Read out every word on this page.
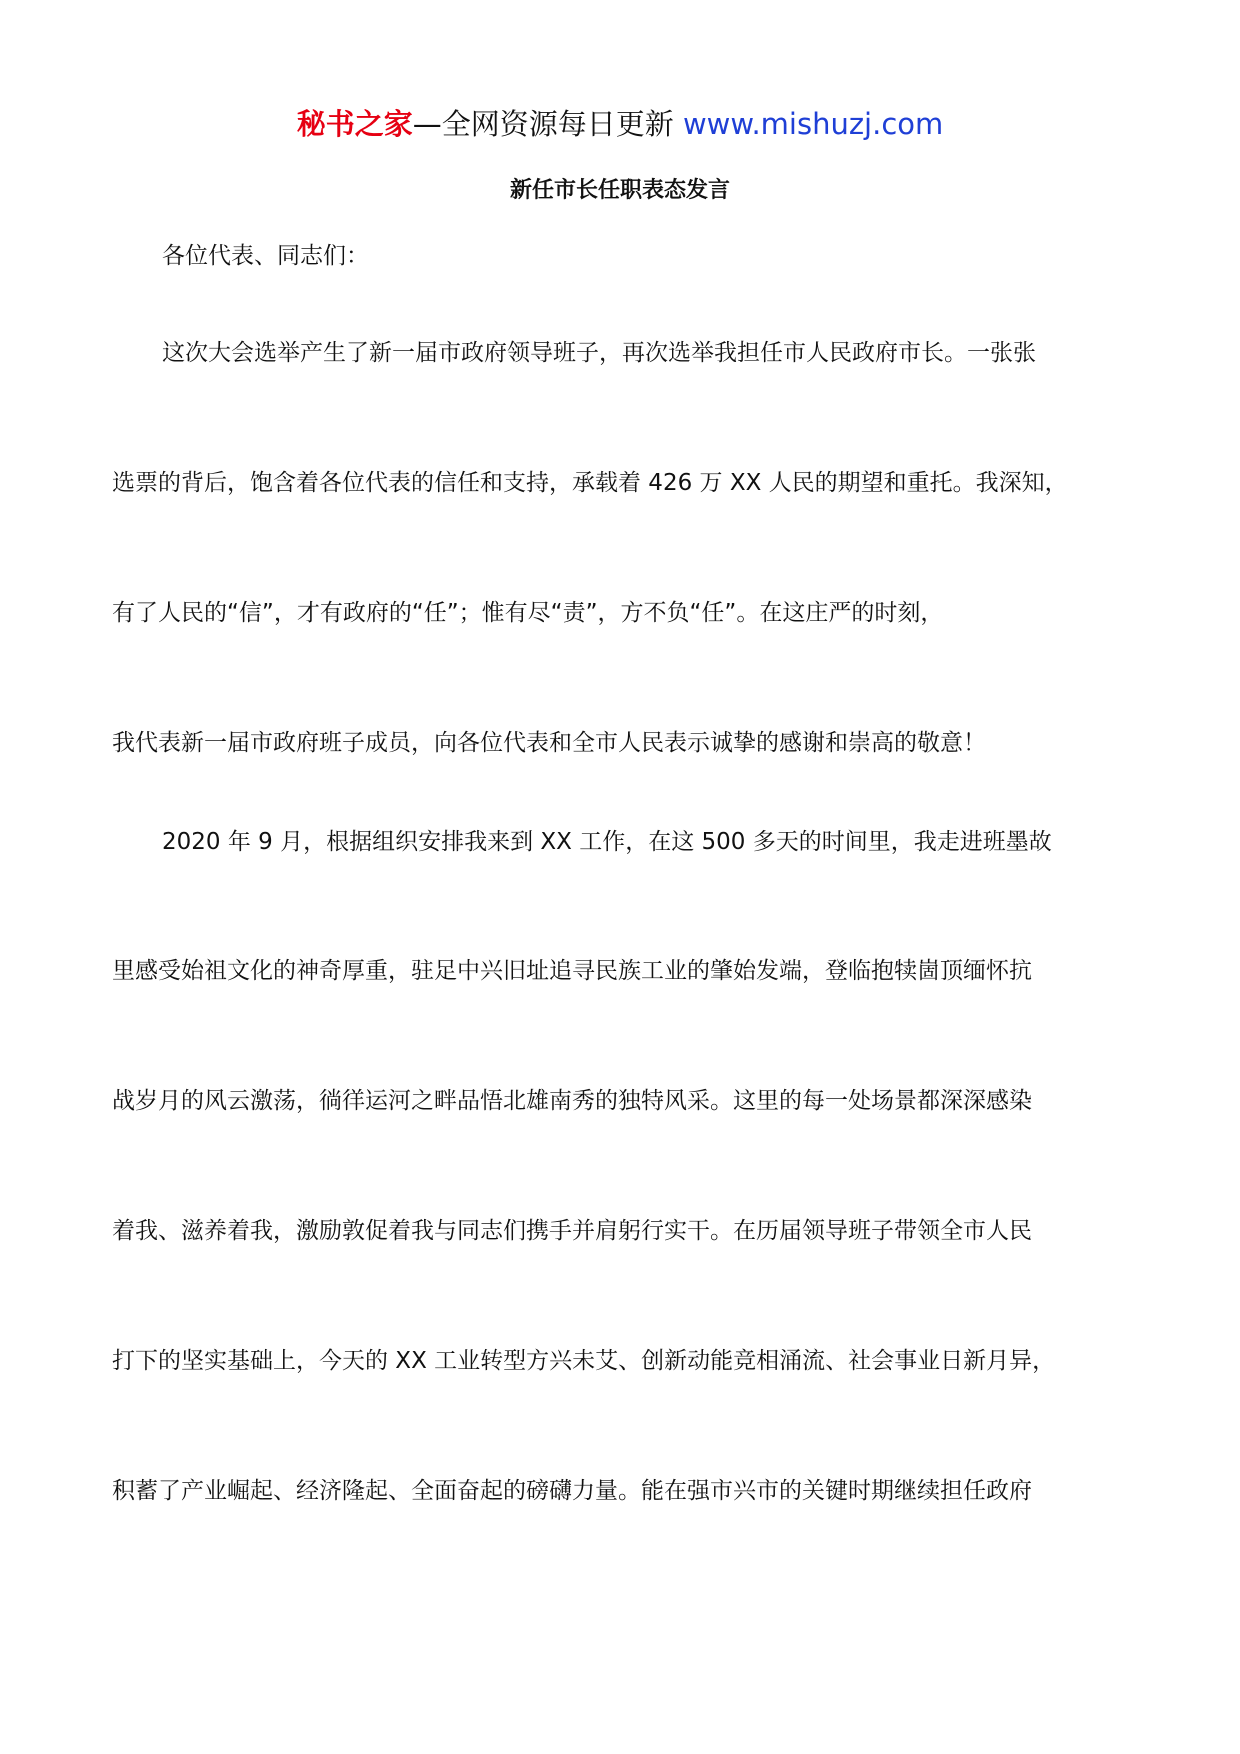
秘书之家—全网资源每日更新 www.mishuzj.com
新任市长任职表态发言
各位代表、同志们：
这次大会选举产生了新一届市政府领导班子，再次选举我担任市人民政府市长。一张张
选票的背后，饱含着各位代表的信任和支持，承载着 426 万 XX 人民的期望和重托。我深知，
有了人民的“信”，才有政府的“任”；惟有尽“责”，方不负“任”。在这庄严的时刻，
我代表新一届市政府班子成员，向各位代表和全市人民表示诚挚的感谢和崇高的敬意！
2020 年 9 月，根据组织安排我来到 XX 工作，在这 500 多天的时间里，我走进班墨故
里感受始祖文化的神奇厚重，驻足中兴旧址追寻民族工业的肇始发端，登临抱犊崮顶缅怀抗
战岁月的风云激荡，徜徉运河之畔品悟北雄南秀的独特风采。这里的每一处场景都深深感染
着我、滋养着我，激励敦促着我与同志们携手并肩躬行实干。在历届领导班子带领全市人民
打下的坚实基础上，今天的 XX 工业转型方兴未艾、创新动能竞相涌流、社会事业日新月异，
积蓄了产业崛起、经济隆起、全面奋起的磅礴力量。能在强市兴市的关键时期继续担任政府
